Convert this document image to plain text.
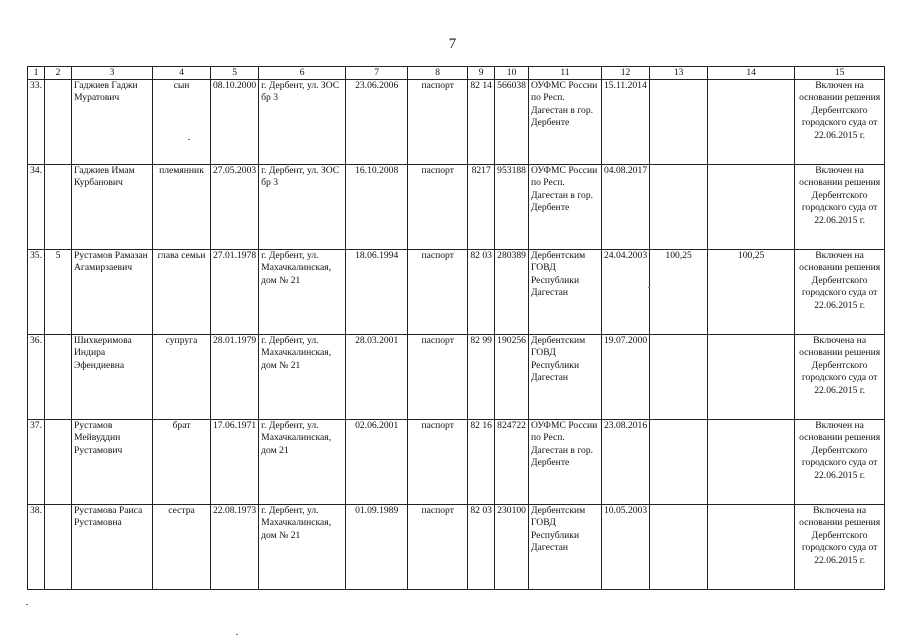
7
1	2	3	4	5	6	7	8	9	10	11	12	13	14	15
33.		Гаджиев Гаджи Муратович	сын	08.10.2000	г. Дербент, ул. ЗОС бр 3	23.06.2006	паспорт	82 14	566038	ОУФМС России по Респ. Дагестан в гор. Дербенте	15.11.2014			Включен на основании решения Дербентского городского суда от 22.06.2015 г.
34.		Гаджиев Имам Курбанович	племянник	27.05.2003	г. Дербент, ул. ЗОС бр 3	16.10.2008	паспорт	8217	953188	ОУФМС России по Респ. Дагестан в гор. Дербенте	04.08.2017			Включен на основании решения Дербентского городского суда от 22.06.2015 г.
35.	5	Рустамов Рамазан Агамирзаевич	глава семьи	27.01.1978	г. Дербент, ул. Махачкалинская, дом № 21	18.06.1994	паспорт	82 03	280389	Дербентским ГОВД Республики Дагестан	24.04.2003	100,25	100,25	Включен на основании решения Дербентского городского суда от 22.06.2015 г.
36.		Шихкеримова Индира Эфендиевна	супруга	28.01.1979	г. Дербент, ул. Махачкалинская, дом № 21	28.03.2001	паспорт	82 99	190256	Дербентским ГОВД Республики Дагестан	19.07.2000			Включена на основании решения Дербентского городского суда от 22.06.2015 г.
37.		Рустамов Мейвуддин Рустамович	брат	17.06.1971	г. Дербент, ул. Махачкалинская, дом 21	02.06.2001	паспорт	82 16	824722	ОУФМС России по Респ. Дагестан в гор. Дербенте	23.08.2016			Включен на основании решения Дербентского городского суда от 22.06.2015 г.
38.		Рустамова Раиса Рустамовна	сестра	22.08.1973	г. Дербент, ул. Махачкалинская, дом № 21	01.09.1989	паспорт	82 03	230100	Дербентским ГОВД Республики Дагестан	10.05.2003			Включена на основании решения Дербентского городского суда от 22.06.2015 г.
